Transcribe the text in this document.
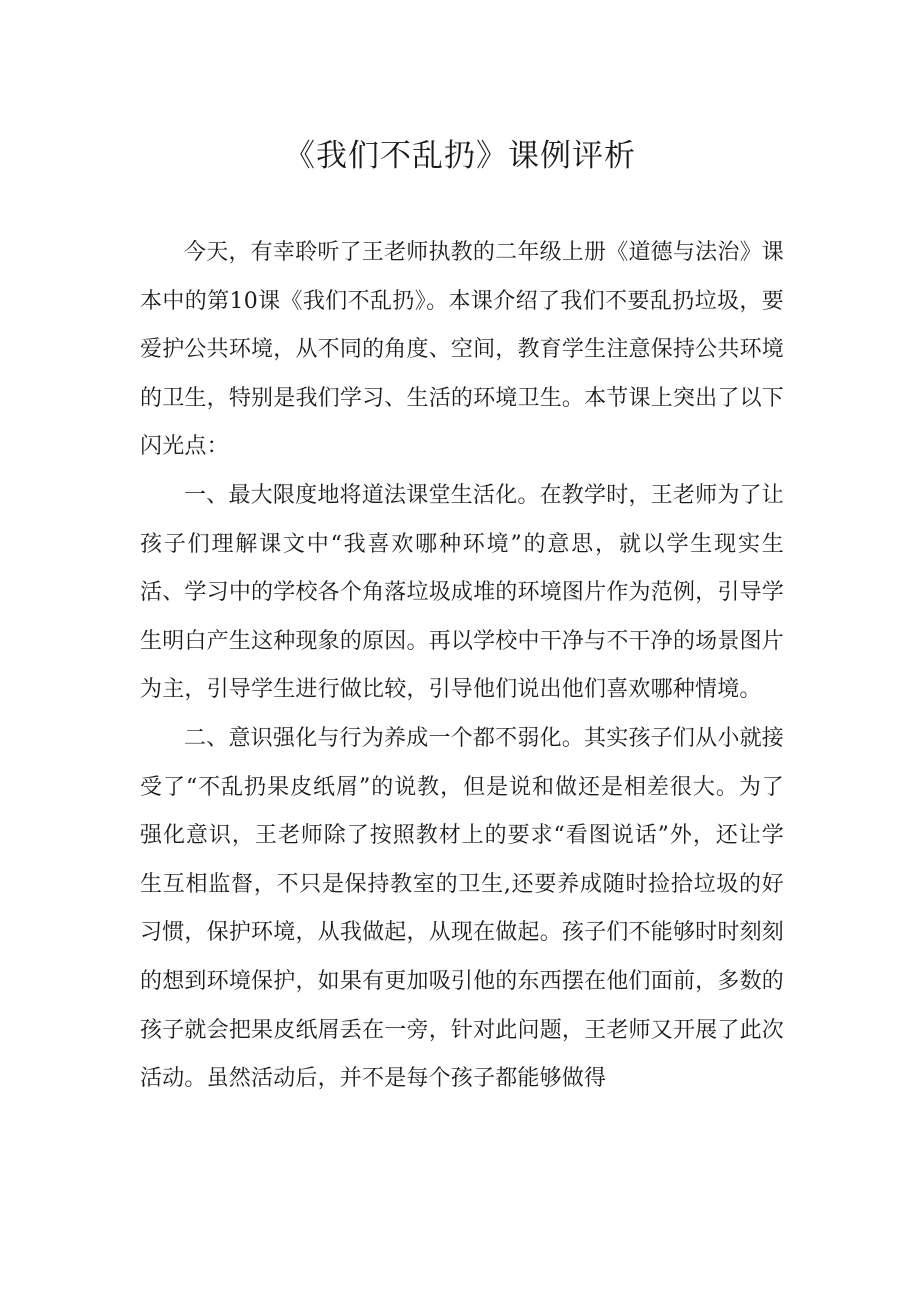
《我们不乱扔》课例评析

今天，有幸聆听了王老师执教的二年级上册《道德与法治》课本中的第10课《我们不乱扔》。本课介绍了我们不要乱扔垃圾，要爱护公共环境，从不同的角度、空间，教育学生注意保持公共环境的卫生，特别是我们学习、生活的环境卫生。本节课上突出了以下闪光点：

一、最大限度地将道法课堂生活化。在教学时，王老师为了让孩子们理解课文中“我喜欢哪种环境”的意思，就以学生现实生活、学习中的学校各个角落垃圾成堆的环境图片作为范例，引导学生明白产生这种现象的原因。再以学校中干净与不干净的场景图片为主，引导学生进行做比较，引导他们说出他们喜欢哪种情境。

二、意识强化与行为养成一个都不弱化。其实孩子们从小就接受了“不乱扔果皮纸屑”的说教，但是说和做还是相差很大。为了强化意识，王老师除了按照教材上的要求“看图说话”外，还让学生互相监督，不只是保持教室的卫生,还要养成随时捡拾垃圾的好习惯，保护环境，从我做起，从现在做起。孩子们不能够时时刻刻的想到环境保护，如果有更加吸引他的东西摆在他们面前，多数的孩子就会把果皮纸屑丢在一旁，针对此问题，王老师又开展了此次活动。虽然活动后，并不是每个孩子都能够做得
